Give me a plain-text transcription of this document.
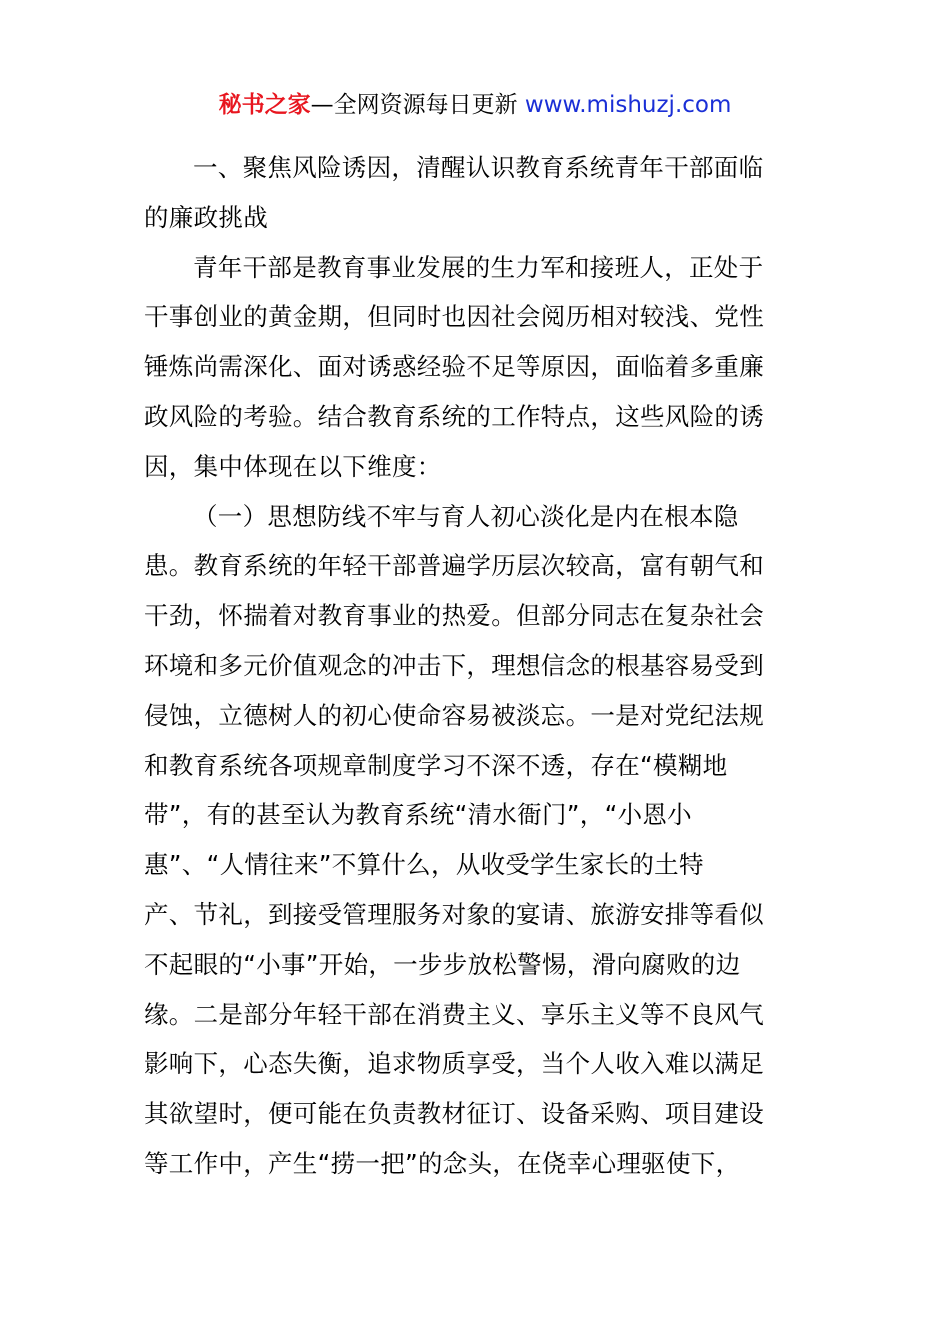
秘书之家—全网资源每日更新 www.mishuzj.com

一、聚焦风险诱因，清醒认识教育系统青年干部面临
的廉政挑战

青年干部是教育事业发展的生力军和接班人，正处于
干事创业的黄金期，但同时也因社会阅历相对较浅、党性
锤炼尚需深化、面对诱惑经验不足等原因，面临着多重廉
政风险的考验。结合教育系统的工作特点，这些风险的诱
因，集中体现在以下维度：

（一）思想防线不牢与育人初心淡化是内在根本隐
患。教育系统的年轻干部普遍学历层次较高，富有朝气和
干劲，怀揣着对教育事业的热爱。但部分同志在复杂社会
环境和多元价值观念的冲击下，理想信念的根基容易受到
侵蚀，立德树人的初心使命容易被淡忘。一是对党纪法规
和教育系统各项规章制度学习不深不透，存在“模糊地
带”，有的甚至认为教育系统“清水衙门”，“小恩小
惠”、“人情往来”不算什么，从收受学生家长的土特
产、节礼，到接受管理服务对象的宴请、旅游安排等看似
不起眼的“小事”开始，一步步放松警惕，滑向腐败的边
缘。二是部分年轻干部在消费主义、享乐主义等不良风气
影响下，心态失衡，追求物质享受，当个人收入难以满足
其欲望时，便可能在负责教材征订、设备采购、项目建设
等工作中，产生“捞一把”的念头，在侥幸心理驱使下，
